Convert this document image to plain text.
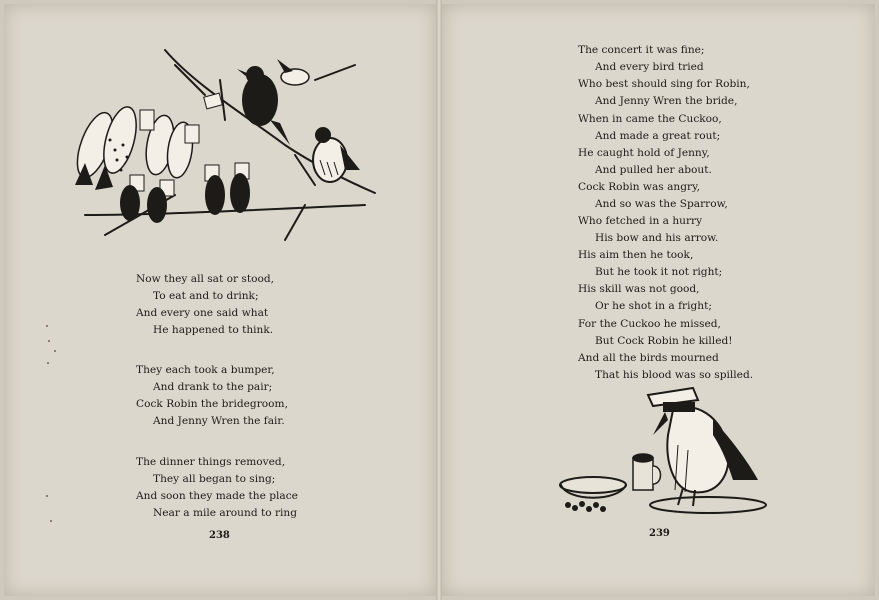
Now they all sat or stood,
To eat and to drink;
And every one said what
He happened to think.
They each took a bumper,
And drank to the pair;
Cock Robin the bridegroom,
And Jenny Wren the fair.
The dinner things removed,
They all began to sing;
And soon they made the place
Near a mile around to ring
238
The concert it was fine;
And every bird tried
Who best should sing for Robin,
And Jenny Wren the bride,
When in came the Cuckoo,
And made a great rout;
He caught hold of Jenny,
And pulled her about.
Cock Robin was angry,
And so was the Sparrow,
Who fetched in a hurry
His bow and his arrow.
His aim then he took,
But he took it not right;
His skill was not good,
Or he shot in a fright;
For the Cuckoo he missed,
But Cock Robin he killed!
And all the birds mourned
That his blood was so spilled.
239
